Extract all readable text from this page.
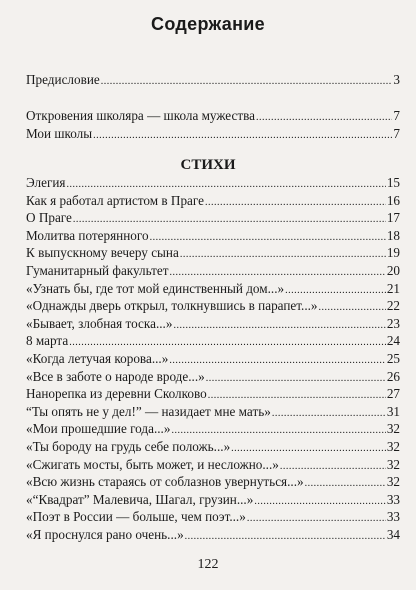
Содержание
Предисловие .....	3
Откровения школяра — школа мужества .....	7
Мои школы .....	7
СТИХИ
Элегия .....	15
Как я работал артистом в Праге .....	16
О Праге .....	17
Молитва потерянного .....	18
К выпускному вечеру сына .....	19
Гуманитарный факультет .....	20
«Узнать бы, где тот мой единственный дом...» .....	21
«Однажды дверь открыл, толкнувшись в парапет...» .....	22
«Бывает, злобная тоска...» .....	23
8 марта .....	24
«Когда летучая корова...» .....	25
«Все в заботе о народе вроде...» .....	26
Нанорепка из деревни Сколково .....	27
“Ты опять не у дел!” — назидает мне мать» .....	31
«Мои прошедшие года...» .....	32
«Ты бороду на грудь себе положь...» .....	32
«Сжигать мосты, быть может, и несложно...» .....	32
«Всю жизнь стараясь от соблазнов увернуться...» .....	32
«“Квадрат” Малевича, Шагал, грузин...» .....	33
«Поэт в России — больше, чем поэт...» .....	33
«Я проснулся рано очень...» .....	34
122
